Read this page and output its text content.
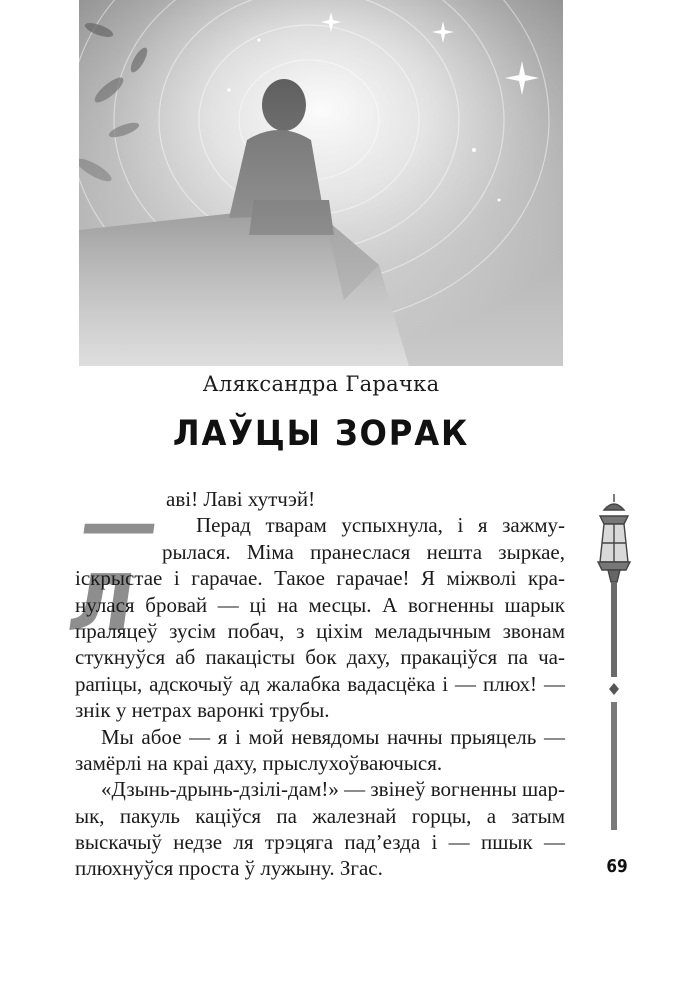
Аляксандра Гарачка
ЛАЎЦЫ ЗОРАК
—Л
аві! Лаві хутчэй!
Перад тварам успыхнула, і я зажму-
рылася. Міма пранеслася нешта зыркае,
іскрыстае і гарачае. Такое гарачае! Я міжволі кра-
нулася бровай — ці на месцы. А вогненны шарык
праляцеў зусім побач, з ціхім меладычным звонам
стукнуўся аб пакацісты бок даху, пракаціўся па ча-
рапіцы, адскочыў ад жалабка вадасцёка і — плюх! —
знік у нетрах варонкі трубы.
Мы абое — я і мой невядомы начны прыяцель —
замёрлі на краі даху, прыслухоўваючыся.
«Дзынь-дрынь-дзілі-дам!» — звінеў вогненны шар-
ык, пакуль каціўся па жалезнай горцы, а затым
выскачыў недзе ля трэцяга пад’езда і — пшык —
плюхнуўся проста ў лужыну. Згас.	69
